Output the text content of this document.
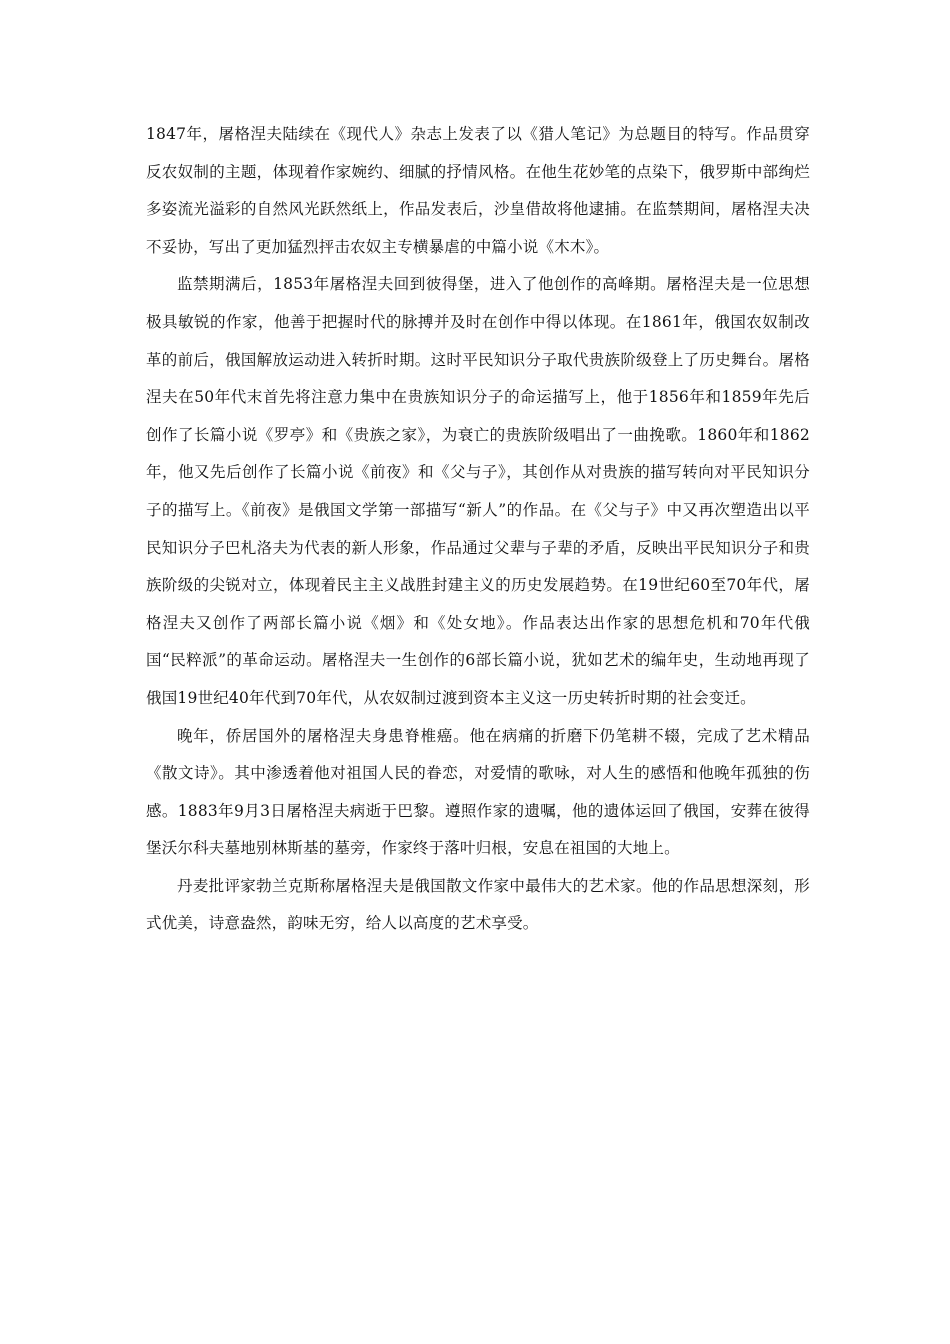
1847年，屠格涅夫陆续在《现代人》杂志上发表了以《猎人笔记》为总题目的特写。作品贯穿反农奴制的主题，体现着作家婉约、细腻的抒情风格。在他生花妙笔的点染下，俄罗斯中部绚烂多姿流光溢彩的自然风光跃然纸上，作品发表后，沙皇借故将他逮捕。在监禁期间，屠格涅夫决不妥协，写出了更加猛烈抨击农奴主专横暴虐的中篇小说《木木》。

监禁期满后，1853年屠格涅夫回到彼得堡，进入了他创作的高峰期。屠格涅夫是一位思想极具敏锐的作家，他善于把握时代的脉搏并及时在创作中得以体现。在1861年，俄国农奴制改革的前后，俄国解放运动进入转折时期。这时平民知识分子取代贵族阶级登上了历史舞台。屠格涅夫在50年代末首先将注意力集中在贵族知识分子的命运描写上，他于1856年和1859年先后创作了长篇小说《罗亭》和《贵族之家》，为衰亡的贵族阶级唱出了一曲挽歌。1860年和1862年，他又先后创作了长篇小说《前夜》和《父与子》，其创作从对贵族的描写转向对平民知识分子的描写上。《前夜》是俄国文学第一部描写“新人”的作品。在《父与子》中又再次塑造出以平民知识分子巴札洛夫为代表的新人形象，作品通过父辈与子辈的矛盾，反映出平民知识分子和贵族阶级的尖锐对立，体现着民主主义战胜封建主义的历史发展趋势。在19世纪60至70年代，屠格涅夫又创作了两部长篇小说《烟》和《处女地》。作品表达出作家的思想危机和70年代俄国“民粹派”的革命运动。屠格涅夫一生创作的6部长篇小说，犹如艺术的编年史，生动地再现了俄国19世纪40年代到70年代，从农奴制过渡到资本主义这一历史转折时期的社会变迁。

晚年，侨居国外的屠格涅夫身患脊椎癌。他在病痛的折磨下仍笔耕不辍，完成了艺术精品《散文诗》。其中渗透着他对祖国人民的眷恋，对爱情的歌咏，对人生的感悟和他晚年孤独的伤感。1883年9月3日屠格涅夫病逝于巴黎。遵照作家的遗嘱，他的遗体运回了俄国，安葬在彼得堡沃尔科夫墓地别林斯基的墓旁，作家终于落叶归根，安息在祖国的大地上。

丹麦批评家勃兰克斯称屠格涅夫是俄国散文作家中最伟大的艺术家。他的作品思想深刻，形式优美，诗意盎然，韵味无穷，给人以高度的艺术享受。
